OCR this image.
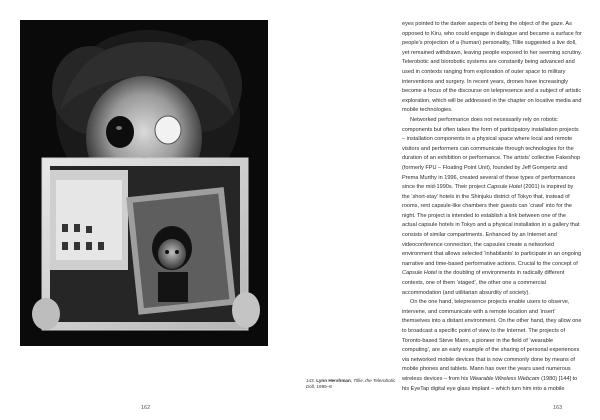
143. Lynn Hershman, Tillie, the Telerobotic Doll, 1995–8
162

eyes pointed to the darker aspects of being the object of the gaze. As opposed to Kiru, who could engage in dialogue and became a surface for people’s projection of a (human) personality, Tillie suggested a live doll, yet remained withdrawn, leaving people exposed to her seeming scrutiny. Telerobotic and biorobotic systems are constantly being advanced and used in contexts ranging from exploration of outer space to military interventions and surgery. In recent years, drones have increasingly become a focus of the discourse on telepresence and a subject of artistic exploration, which will be addressed in the chapter on locative media and mobile technologies.

Networked performance does not necessarily rely on robotic components but often takes the form of participatory installation projects – installation components in a physical space where local and remote visitors and performers can communicate through technologies for the duration of an exhibition or performance. The artists’ collective Fakeshop (formerly FPU – Floating Point Unit), founded by Jeff Gompertz and Prema Murthy in 1996, created several of these types of performances since the mid-1990s. Their project Capsule Hotel (2001) is inspired by the ‘short-stay’ hotels in the Shinjuku district of Tokyo that, instead of rooms, rent capsule-like chambers their guests can ‘crawl’ into for the night. The project is intended to establish a link between one of the actual capsule hotels in Tokyo and a physical installation in a gallery that consists of similar compartments. Enhanced by an Internet and videoconference connection, the capsules create a networked environment that allows selected ‘inhabitants’ to participate in an ongoing narrative and time-based performative actions. Crucial to the concept of Capsule Hotel is the doubling of environments in radically different contexts, one of them ‘staged’, the other one a commercial accommodation (and utilitarian absurdity of society).

On the one hand, telepresence projects enable users to observe, intervene, and communicate with a remote location and ‘insert’ themselves into a distant environment. On the other hand, they allow one to broadcast a specific point of view to the Internet. The projects of Toronto-based Steve Mann, a pioneer in the field of ‘wearable computing’, are an early example of the sharing of personal experiences via networked mobile devices that is now commonly done by means of mobile phones and tablets. Mann has over the years used numerous wireless devices – from his Wearable Wireless Webcam (1980) [144] to his EyeTap digital eye glass implant – which turn him into a mobile

163
